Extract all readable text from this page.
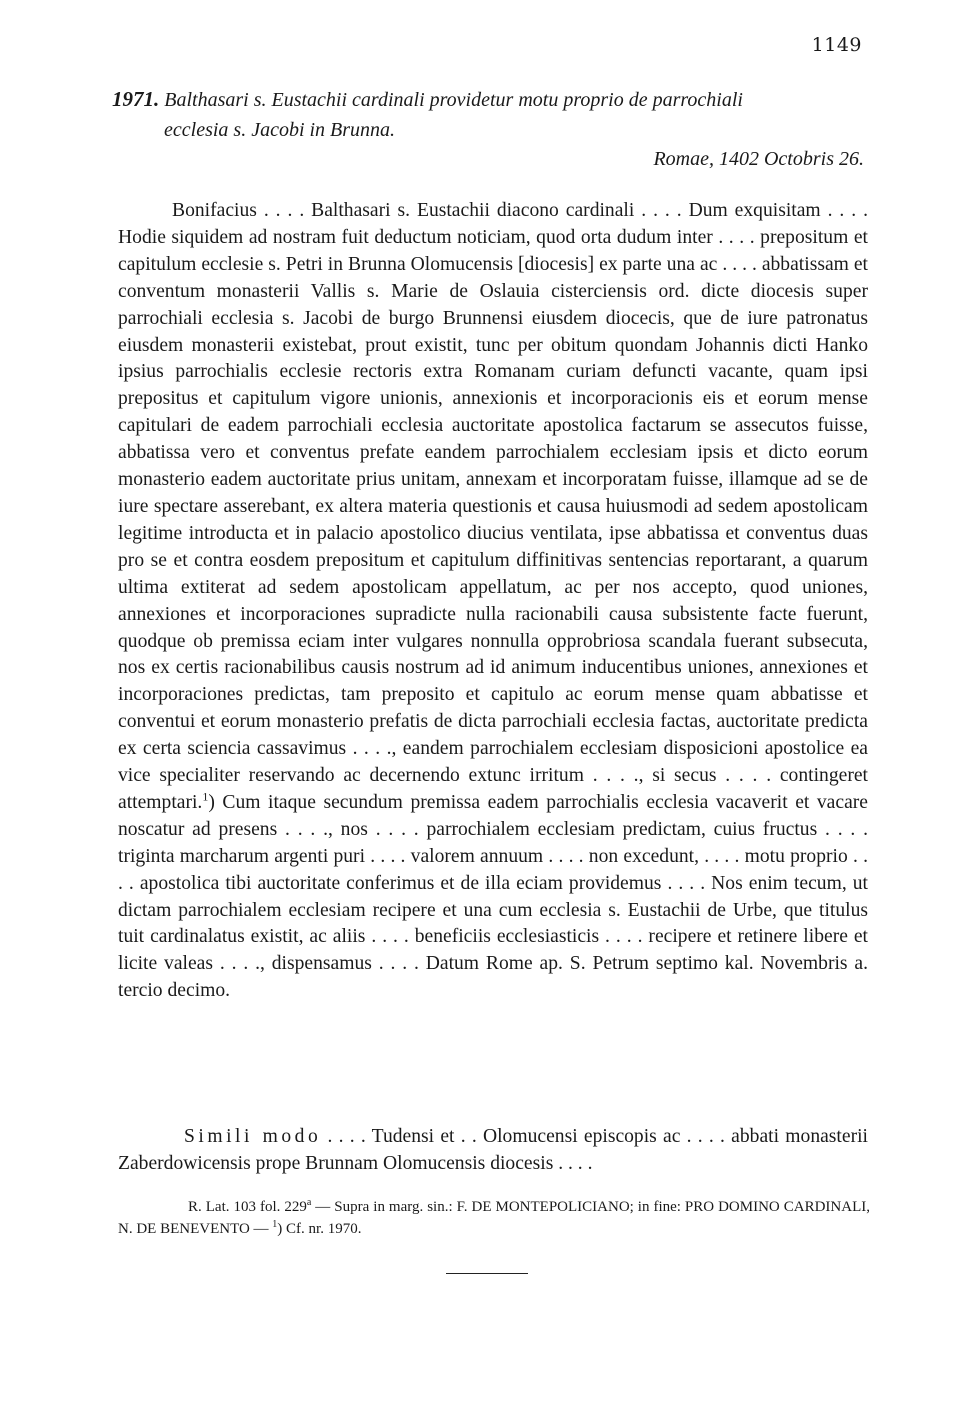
1149
1971. Balthasari s. Eustachii cardinali providetur motu proprio de parrochiali
ecclesia s. Jacobi in Brunna.
Romae, 1402 Octobris 26.

Bonifacius . . . . Balthasari s. Eustachii diacono cardinali . . . . Dum exquisitam . . . . Hodie siquidem ad nostram fuit deductum noticiam, quod orta dudum inter . . . . prepositum et capitulum ecclesie s. Petri in Brunna Olomucensis [diocesis] ex parte una ac . . . . abbatissam et conventum monasterii Vallis s. Marie de Oslauia cisterciensis ord. dicte diocesis super parrochiali ecclesia s. Jacobi de burgo Brunnensi eiusdem diocecis, que de iure patronatus eiusdem monasterii existebat, prout existit, tunc per obitum quondam Johannis dicti Hanko ipsius parrochialis ecclesie rectoris extra Romanam curiam defuncti vacante, quam ipsi prepositus et capitulum vigore unionis, annexionis et incorporacionis eis et eorum mense capitulari de eadem parrochiali ecclesia auctoritate apostolica factarum se assecutos fuisse, abbatissa vero et conventus prefate eandem parrochialem ecclesiam ipsis et dicto eorum monasterio eadem auctoritate prius unitam, annexam et incorporatam fuisse, illamque ad se de iure spectare asserebant, ex altera materia questionis et causa huiusmodi ad sedem apostolicam legitime introducta et in palacio apostolico diucius ventilata, ipse abbatissa et conventus duas pro se et contra eosdem prepositum et capitulum diffinitivas sentencias reportarant, a quarum ultima extiterat ad sedem apostolicam appellatum, ac per nos accepto, quod uniones, annexiones et incorporaciones supradicte nulla racionabili causa subsistente facte fuerunt, quodque ob premissa eciam inter vulgares nonnulla opprobriosa scandala fuerant subsecuta, nos ex certis racionabilibus causis nostrum ad id animum inducentibus uniones, annexiones et incorporaciones predictas, tam preposito et capitulo ac eorum mense quam abbatisse et conventui et eorum monasterio prefatis de dicta parrochiali ecclesia factas, auctoritate predicta ex certa sciencia cassavimus . . . ., eandem parrochialem ecclesiam disposicioni apostolice ea vice specialiter reservando ac decernendo extunc irritum . . . ., si secus . . . . contingeret attemptari.$^1$) Cum itaque secundum premissa eadem parrochialis ecclesia vacaverit et vacare noscatur ad presens . . . ., nos . . . . parrochialem ecclesiam predictam, cuius fructus . . . . triginta marcharum argenti puri . . . . valorem annuum . . . . non excedunt, . . . . motu proprio . . . . apostolica tibi auctoritate conferimus et de illa eciam providemus . . . . Nos enim tecum, ut dictam parrochialem ecclesiam recipere et una cum ecclesia s. Eustachii de Urbe, que titulus tuit cardinalatus existit, ac aliis . . . . beneficiis ecclesiasticis . . . . recipere et retinere libere et licite valeas . . . ., dispensamus . . . . Datum Rome ap. S. Petrum septimo kal. Novembris a. tercio decimo.

Simili modo . . . . Tudensi et . . Olomucensi episcopis ac . . . . abbati monasterii Zaberdowicensis prope Brunnam Olomucensis diocesis . . . .
R. Lat. 103 fol. 229$^a$ — Supra in marg. sin.: F. DE MONTEPOLICIANO; in fine: PRO DOMINO CARDINALI, N. DE BENEVENTO — $^1$) Cf. nr. 1970.
